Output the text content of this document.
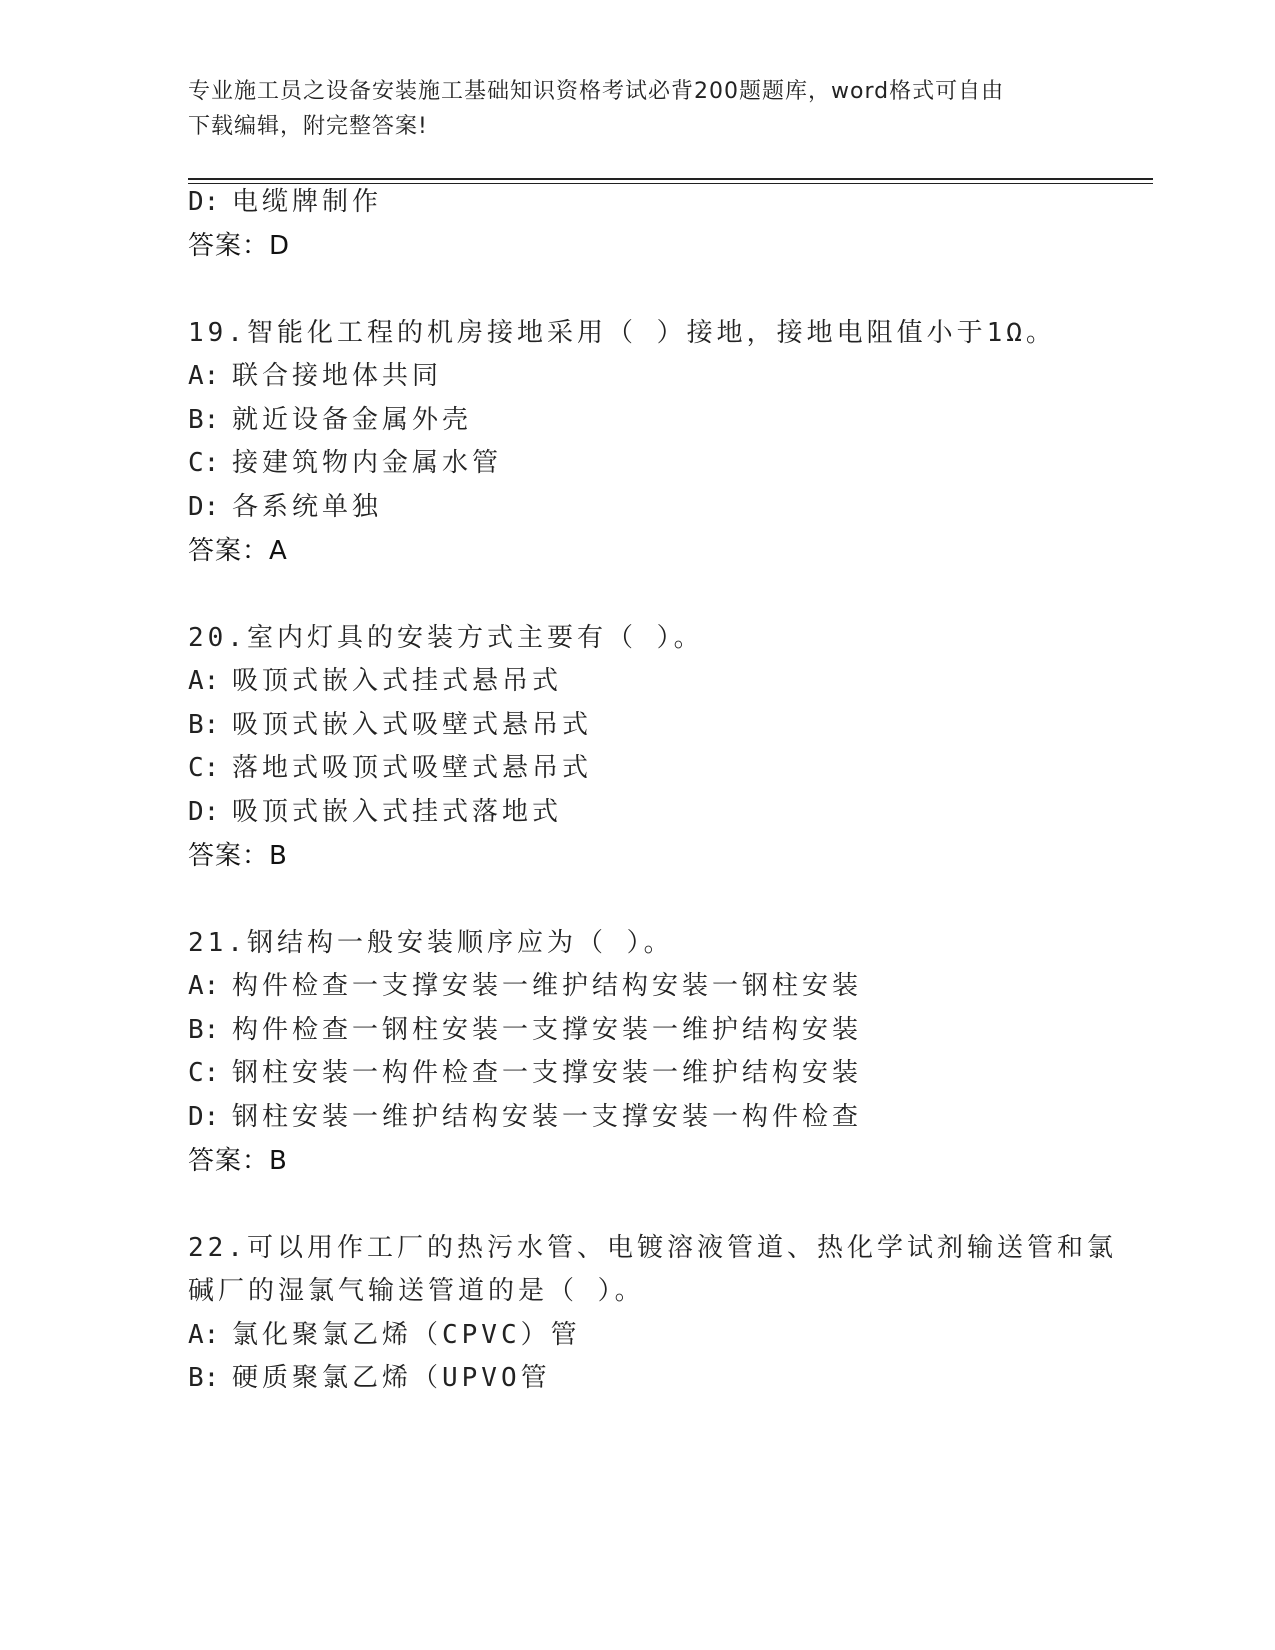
专业施工员之设备安装施工基础知识资格考试必背200题题库，word格式可自由
下载编辑，附完整答案!
D: 电缆牌制作
答案：D
19.智能化工程的机房接地采用（ ）接地，接地电阻值小于1Ω。
A: 联合接地体共同
B: 就近设备金属外壳
C: 接建筑物内金属水管
D: 各系统单独
答案：A
20.室内灯具的安装方式主要有（ ）。
A: 吸顶式嵌入式挂式悬吊式
B: 吸顶式嵌入式吸壁式悬吊式
C: 落地式吸顶式吸壁式悬吊式
D: 吸顶式嵌入式挂式落地式
答案：B
21.钢结构一般安装顺序应为（ ）。
A: 构件检查一支撑安装一维护结构安装一钢柱安装
B: 构件检查一钢柱安装一支撑安装一维护结构安装
C: 钢柱安装一构件检查一支撑安装一维护结构安装
D: 钢柱安装一维护结构安装一支撑安装一构件检查
答案：B
22.可以用作工厂的热污水管、电镀溶液管道、热化学试剂输送管和氯
碱厂的湿氯气输送管道的是（ ）。
A: 氯化聚氯乙烯（CPVC）管
B: 硬质聚氯乙烯（UPVO管
